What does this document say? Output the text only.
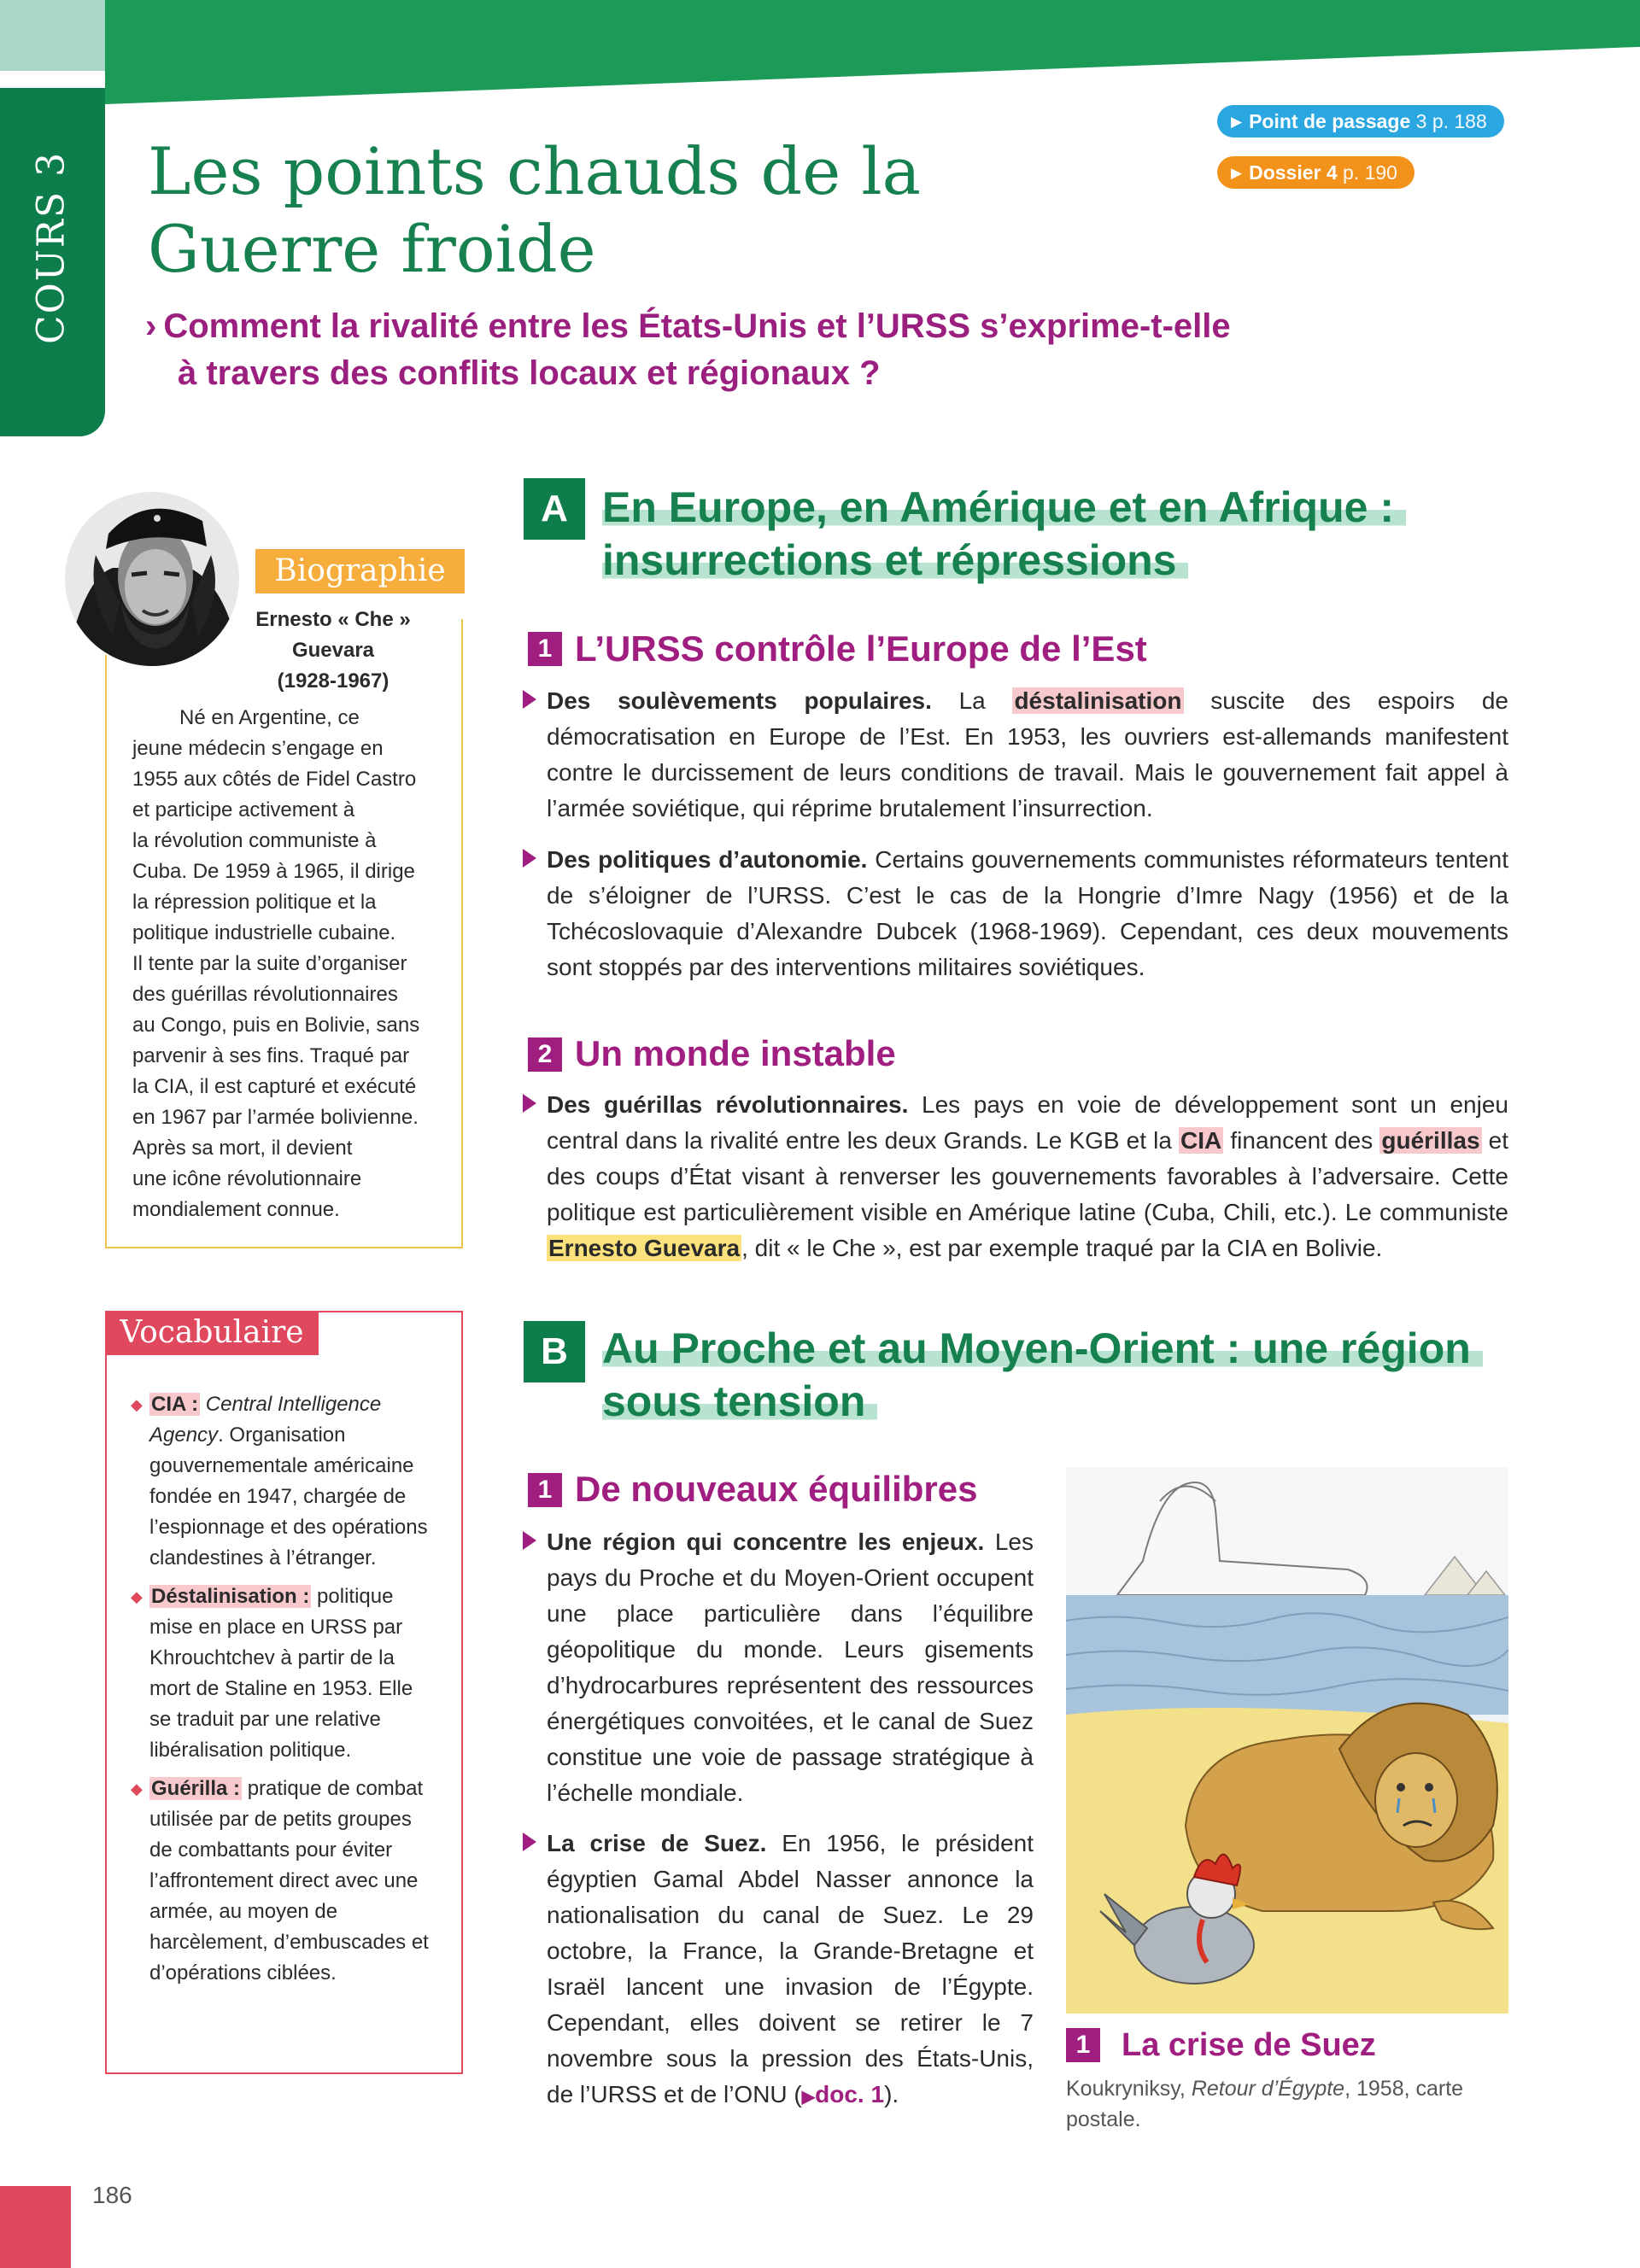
COURS 3
▶ Point de passage 3 p. 188
▶ Dossier 4 p. 190
Les points chauds de la
Guerre froide
› Comment la rivalité entre les États-Unis et l’URSS s’exprime-t-elle
à travers des conflits locaux et régionaux ?
Biographie
Ernesto « Che »
Guevara
(1928-1967)
Né en Argentine, ce
jeune médecin s’engage en
1955 aux côtés de Fidel Castro
et participe activement à
la révolution communiste à
Cuba. De 1959 à 1965, il dirige
la répression politique et la
politique industrielle cubaine.
Il tente par la suite d’organiser
des guérillas révolutionnaires
au Congo, puis en Bolivie, sans
parvenir à ses fins. Traqué par
la CIA, il est capturé et exécuté
en 1967 par l’armée bolivienne.
Après sa mort, il devient
une icône révolutionnaire
mondialement connue.
Vocabulaire
◆ CIA : Central Intelligence Agency. Organisation gouvernementale américaine fondée en 1947, chargée de l’espionnage et des opérations clandestines à l’étranger.
◆ Déstalinisation : politique mise en place en URSS par Khrouchtchev à partir de la mort de Staline en 1953. Elle se traduit par une relative libéralisation politique.
◆ Guérilla : pratique de combat utilisée par de petits groupes de combattants pour éviter l’affrontement direct avec une armée, au moyen de harcèlement, d’embuscades et d’opérations ciblées.
A En Europe, en Amérique et en Afrique :
insurrections et répressions
1 L’URSS contrôle l’Europe de l’Est
Des soulèvements populaires. La déstalinisation suscite des espoirs de démocratisation en Europe de l’Est. En 1953, les ouvriers est-allemands manifestent contre le durcissement de leurs conditions de travail. Mais le gouvernement fait appel à l’armée soviétique, qui réprime brutalement l’insurrection.
Des politiques d’autonomie. Certains gouvernements communistes réformateurs tentent de s’éloigner de l’URSS. C’est le cas de la Hongrie d’Imre Nagy (1956) et de la Tchécoslovaquie d’Alexandre Dubcek (1968-1969). Cependant, ces deux mouvements sont stoppés par des interventions militaires soviétiques.
2 Un monde instable
Des guérillas révolutionnaires. Les pays en voie de développement sont un enjeu central dans la rivalité entre les deux Grands. Le KGB et la CIA financent des guérillas et des coups d’État visant à renverser les gouvernements favorables à l’adversaire. Cette politique est particulièrement visible en Amérique latine (Cuba, Chili, etc.). Le communiste Ernesto Guevara, dit « le Che », est par exemple traqué par la CIA en Bolivie.
B Au Proche et au Moyen-Orient : une région
sous tension
1 De nouveaux équilibres
Une région qui concentre les enjeux. Les pays du Proche et du Moyen-Orient occupent une place particulière dans l’équilibre géopolitique du monde. Leurs gisements d’hydrocarbures représentent des ressources énergétiques convoitées, et le canal de Suez constitue une voie de passage stratégique à l’échelle mondiale.
La crise de Suez. En 1956, le président égyptien Gamal Abdel Nasser annonce la nationalisation du canal de Suez. Le 29 octobre, la France, la Grande-Bretagne et Israël lancent une invasion de l’Égypte. Cependant, elles doivent se retirer le 7 novembre sous la pression des États-Unis, de l’URSS et de l’ONU (▶doc. 1).
1 La crise de Suez
Koukryniksy, Retour d’Égypte, 1958, carte postale.
186
